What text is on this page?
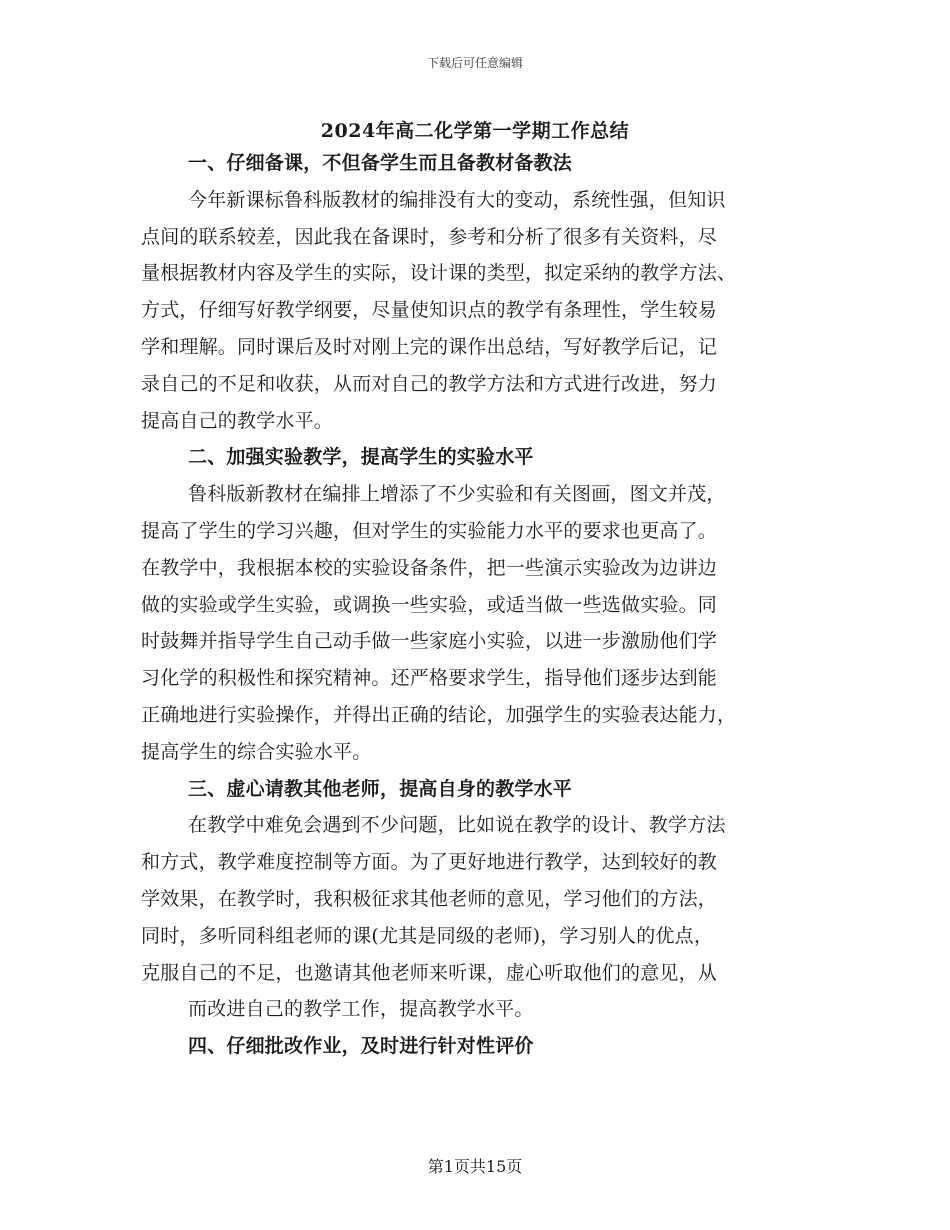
下载后可任意编辑
2024年高二化学第一学期工作总结
一、仔细备课，不但备学生而且备教材备教法
今年新课标鲁科版教材的编排没有大的变动，系统性强，但知识
点间的联系较差，因此我在备课时，参考和分析了很多有关资料，尽
量根据教材内容及学生的实际，设计课的类型，拟定采纳的教学方法、
方式，仔细写好教学纲要，尽量使知识点的教学有条理性，学生较易
学和理解。同时课后及时对刚上完的课作出总结，写好教学后记，记
录自己的不足和收获，从而对自己的教学方法和方式进行改进，努力
提高自己的教学水平。
二、加强实验教学，提高学生的实验水平
鲁科版新教材在编排上增添了不少实验和有关图画，图文并茂，
提高了学生的学习兴趣，但对学生的实验能力水平的要求也更高了。
在教学中，我根据本校的实验设备条件，把一些演示实验改为边讲边
做的实验或学生实验，或调换一些实验，或适当做一些选做实验。同
时鼓舞并指导学生自己动手做一些家庭小实验，以进一步激励他们学
习化学的积极性和探究精神。还严格要求学生，指导他们逐步达到能
正确地进行实验操作，并得出正确的结论，加强学生的实验表达能力，
提高学生的综合实验水平。
三、虚心请教其他老师，提高自身的教学水平
在教学中难免会遇到不少问题，比如说在教学的设计、教学方法
和方式，教学难度控制等方面。为了更好地进行教学，达到较好的教
学效果，在教学时，我积极征求其他老师的意见，学习他们的方法，
同时，多听同科组老师的课(尤其是同级的老师)，学习别人的优点，
克服自己的不足，也邀请其他老师来听课，虚心听取他们的意见，从
而改进自己的教学工作，提高教学水平。
四、仔细批改作业，及时进行针对性评价
第1页共15页
